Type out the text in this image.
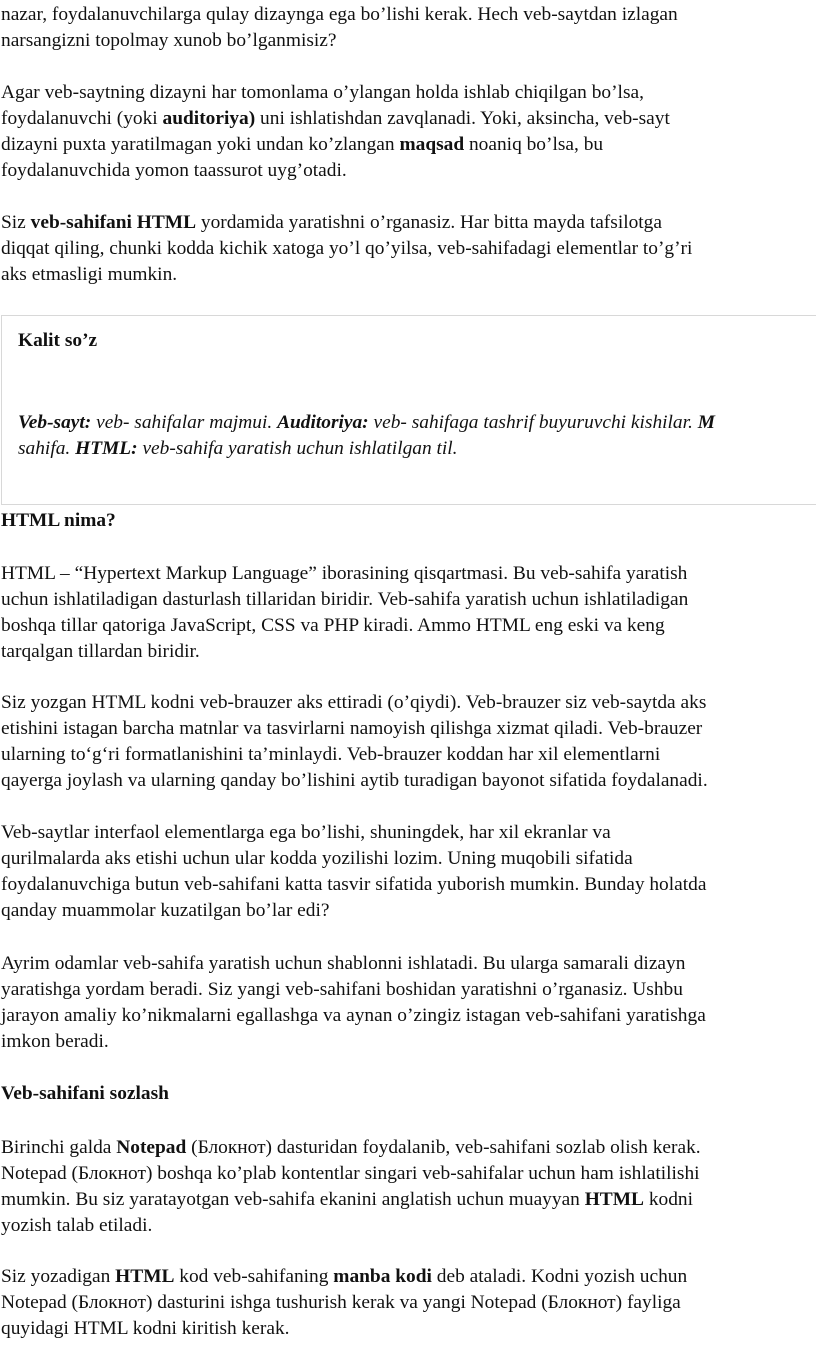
nazar, foydalanuvchilarga qulay dizaynga ega bo’lishi kerak. Hech veb-saytdan izlagan
narsangizni topolmay xunob bo’lganmisiz?

Agar veb-saytning dizayni har tomonlama o’ylangan holda ishlab chiqilgan bo’lsa,
foydalanuvchi (yoki auditoriya) uni ishlatishdan zavqlanadi. Yoki, aksincha, veb-sayt
dizayni puxta yaratilmagan yoki undan ko’zlangan maqsad noaniq bo’lsa, bu
foydalanuvchida yomon taassurot uyg’otadi.

Siz veb-sahifani HTML yordamida yaratishni o’rganasiz. Har bitta mayda tafsilotga
diqqat qiling, chunki kodda kichik xatoga yo’l qo’yilsa, veb-sahifadagi elementlar to’g’ri
aks etmasligi mumkin.

Kalit so’z

Veb-sayt: veb- sahifalar majmui. Auditoriya: veb- sahifaga tashrif buyuruvchi kishilar. M
sahifa. HTML: veb-sahifa yaratish uchun ishlatilgan til.

HTML nima?

HTML – “Hypertext Markup Language” iborasining qisqartmasi. Bu veb-sahifa yaratish
uchun ishlatiladigan dasturlash tillaridan biridir. Veb-sahifa yaratish uchun ishlatiladigan
boshqa tillar qatoriga JavaScript, CSS va PHP kiradi. Ammo HTML eng eski va keng
tarqalgan tillardan biridir.

Siz yozgan HTML kodni veb-brauzer aks ettiradi (o’qiydi). Veb-brauzer siz veb-saytda aks
etishini istagan barcha matnlar va tasvirlarni namoyish qilishga xizmat qiladi. Veb-brauzer
ularning to‘g‘ri formatlanishini ta’minlaydi. Veb-brauzer koddan har xil elementlarni
qayerga joylash va ularning qanday bo’lishini aytib turadigan bayonot sifatida foydalanadi.

Veb-saytlar interfaol elementlarga ega bo’lishi, shuningdek, har xil ekranlar va
qurilmalarda aks etishi uchun ular kodda yozilishi lozim. Uning muqobili sifatida
foydalanuvchiga butun veb-sahifani katta tasvir sifatida yuborish mumkin. Bunday holatda
qanday muammolar kuzatilgan bo’lar edi?

Ayrim odamlar veb-sahifa yaratish uchun shablonni ishlatadi. Bu ularga samarali dizayn
yaratishga yordam beradi. Siz yangi veb-sahifani boshidan yaratishni o’rganasiz. Ushbu
jarayon amaliy ko’nikmalarni egallashga va aynan o’zingiz istagan veb-sahifani yaratishga
imkon beradi.

Veb-sahifani sozlash

Birinchi galda Notepad (Блокнот) dasturidan foydalanib, veb-sahifani sozlab olish kerak.
Notepad (Блокнот) boshqa ko’plab kontentlar singari veb-sahifalar uchun ham ishlatilishi
mumkin. Bu siz yaratayotgan veb-sahifa ekanini anglatish uchun muayyan HTML kodni
yozish talab etiladi.

Siz yozadigan HTML kod veb-sahifaning manba kodi deb ataladi. Kodni yozish uchun
Notepad (Блокнот) dasturini ishga tushurish kerak va yangi Notepad (Блокнот) fayliga
quyidagi HTML kodni kiritish kerak.
